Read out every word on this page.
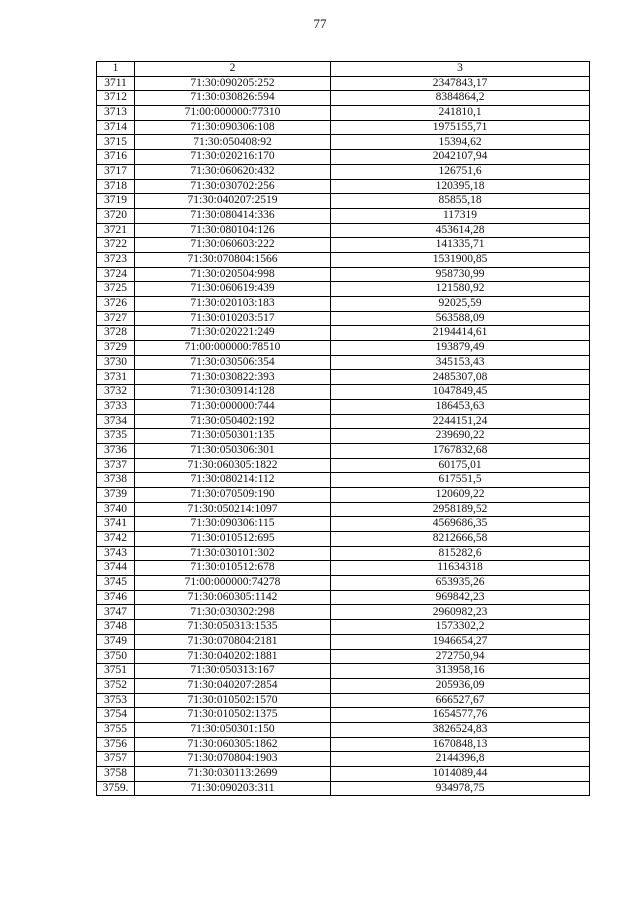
77
1	2	3
3711	71:30:090205:252	2347843,17
3712	71:30:030826:594	8384864,2
3713	71:00:000000:77310	241810,1
3714	71:30:090306:108	1975155,71
3715	71:30:050408:92	15394,62
3716	71:30:020216:170	2042107,94
3717	71:30:060620:432	126751,6
3718	71:30:030702:256	120395,18
3719	71:30:040207:2519	85855,18
3720	71:30:080414:336	117319
3721	71:30:080104:126	453614,28
3722	71:30:060603:222	141335,71
3723	71:30:070804:1566	1531900,85
3724	71:30:020504:998	958730,99
3725	71:30:060619:439	121580,92
3726	71:30:020103:183	92025,59
3727	71:30:010203:517	563588,09
3728	71:30:020221:249	2194414,61
3729	71:00:000000:78510	193879,49
3730	71:30:030506:354	345153,43
3731	71:30:030822:393	2485307,08
3732	71:30:030914:128	1047849,45
3733	71:30:000000:744	186453,63
3734	71:30:050402:192	2244151,24
3735	71:30:050301:135	239690,22
3736	71:30:050306:301	1767832,68
3737	71:30:060305:1822	60175,01
3738	71:30:080214:112	617551,5
3739	71:30:070509:190	120609,22
3740	71:30:050214:1097	2958189,52
3741	71:30:090306:115	4569686,35
3742	71:30:010512:695	8212666,58
3743	71:30:030101:302	815282,6
3744	71:30:010512:678	11634318
3745	71:00:000000:74278	653935,26
3746	71:30:060305:1142	969842,23
3747	71:30:030302:298	2960982,23
3748	71:30:050313:1535	1573302,2
3749	71:30:070804:2181	1946654,27
3750	71:30:040202:1881	272750,94
3751	71:30:050313:167	313958,16
3752	71:30:040207:2854	205936,09
3753	71:30:010502:1570	666527,67
3754	71:30:010502:1375	1654577,76
3755	71:30:050301:150	3826524,83
3756	71:30:060305:1862	1670848,13
3757	71:30:070804:1903	2144396,8
3758	71:30:030113:2699	1014089,44
3759.	71:30:090203:311	934978,75
